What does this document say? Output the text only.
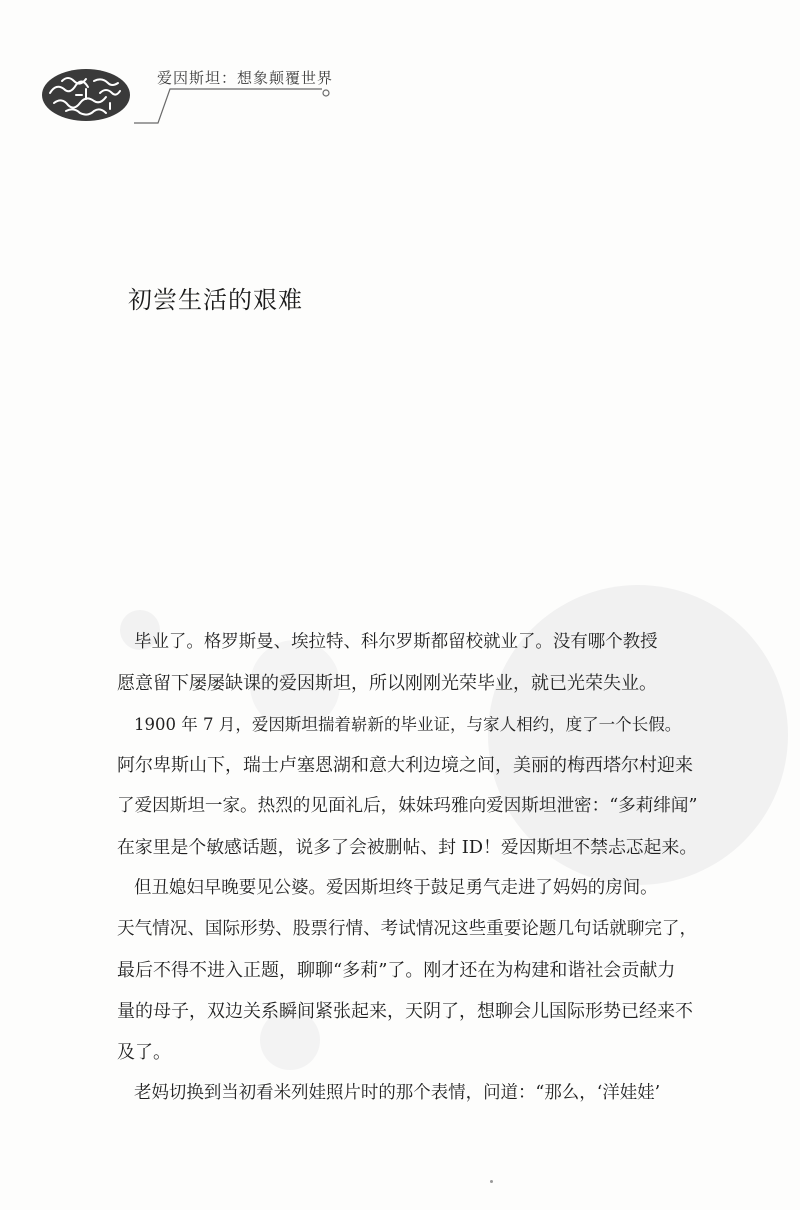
爱因斯坦：想象颠覆世界
初尝生活的艰难
毕业了。格罗斯曼、埃拉特、科尔罗斯都留校就业了。没有哪个教授
愿意留下屡屡缺课的爱因斯坦，所以刚刚光荣毕业，就已光荣失业。
1900 年 7 月，爱因斯坦揣着崭新的毕业证，与家人相约，度了一个长假。
阿尔卑斯山下，瑞士卢塞恩湖和意大利边境之间，美丽的梅西塔尔村迎来
了爱因斯坦一家。热烈的见面礼后，妹妹玛雅向爱因斯坦泄密：“多莉绯闻”
在家里是个敏感话题，说多了会被删帖、封 ID！爱因斯坦不禁忐忑起来。
但丑媳妇早晚要见公婆。爱因斯坦终于鼓足勇气走进了妈妈的房间。
天气情况、国际形势、股票行情、考试情况这些重要论题几句话就聊完了，
最后不得不进入正题，聊聊“多莉”了。刚才还在为构建和谐社会贡献力
量的母子，双边关系瞬间紧张起来，天阴了，想聊会儿国际形势已经来不
及了。
老妈切换到当初看米列娃照片时的那个表情，问道：“那么，‘洋娃娃’
